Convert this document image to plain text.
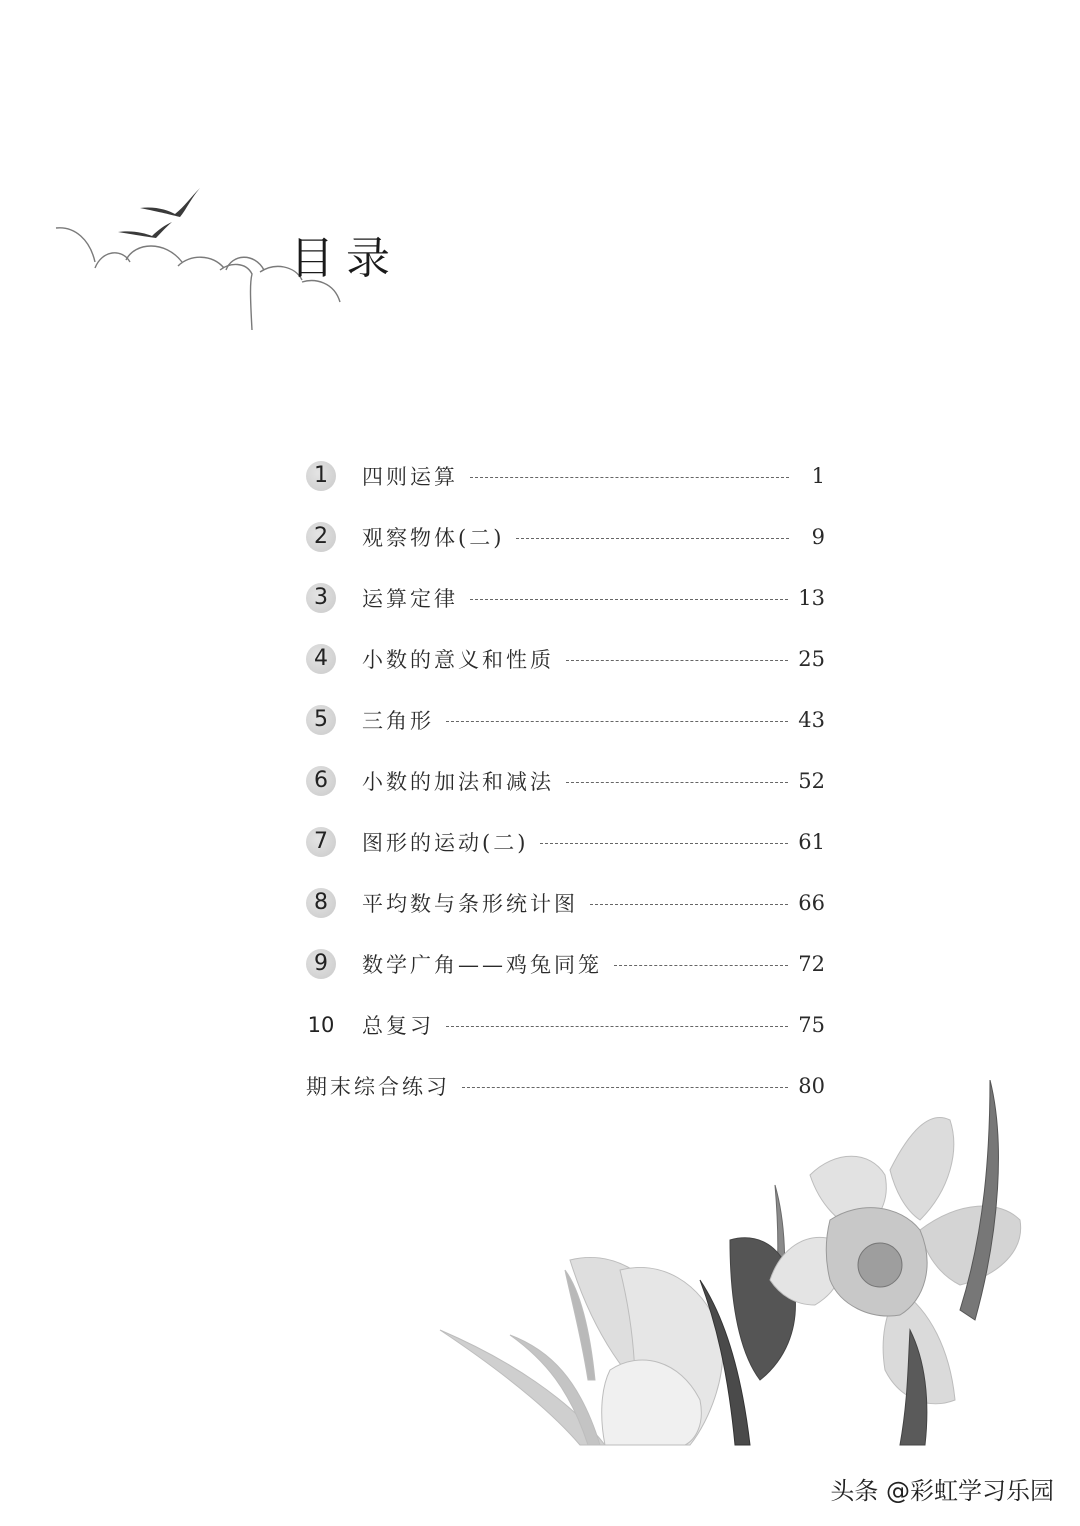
目录
1	四则运算	1
2	观察物体(二)	9
3	运算定律	13
4	小数的意义和性质	25
5	三角形	43
6	小数的加法和减法	52
7	图形的运动(二)	61
8	平均数与条形统计图	66
9	数学广角——鸡兔同笼	72
10 总复习	75
期末综合练习	80
头条 @彩虹学习乐园
